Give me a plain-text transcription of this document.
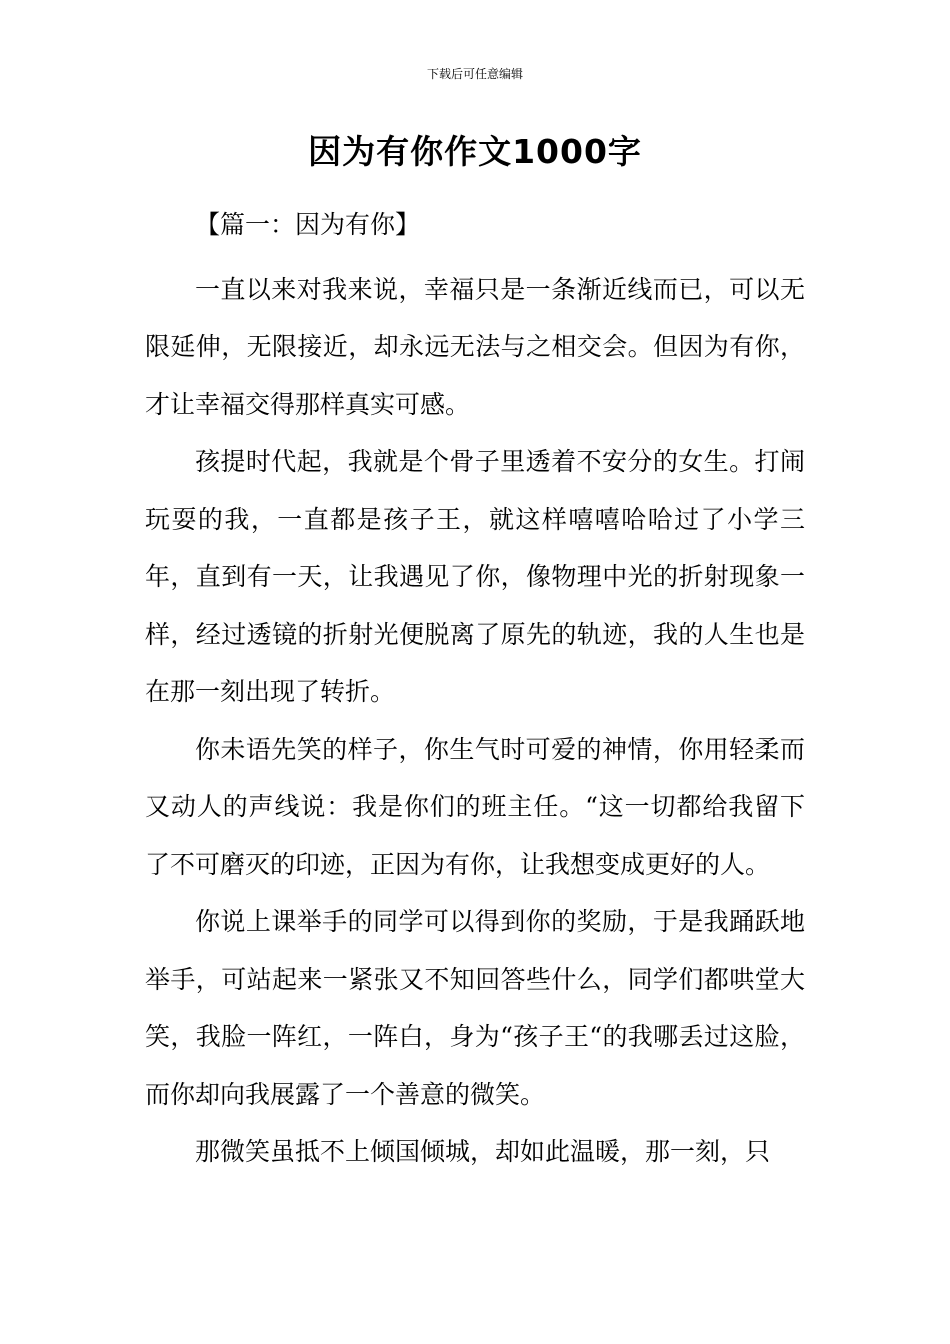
下载后可任意编辑
因为有你作文1000字

【篇一：因为有你】

一直以来对我来说，幸福只是一条渐近线而已，可以无限延伸，无限接近，却永远无法与之相交会。但因为有你，才让幸福交得那样真实可感。

孩提时代起，我就是个骨子里透着不安分的女生。打闹玩耍的我，一直都是孩子王，就这样嘻嘻哈哈过了小学三年，直到有一天，让我遇见了你，像物理中光的折射现象一样，经过透镜的折射光便脱离了原先的轨迹，我的人生也是在那一刻出现了转折。

你未语先笑的样子，你生气时可爱的神情，你用轻柔而又动人的声线说：我是你们的班主任。“这一切都给我留下了不可磨灭的印迹，正因为有你，让我想变成更好的人。

你说上课举手的同学可以得到你的奖励，于是我踊跃地举手，可站起来一紧张又不知回答些什么，同学们都哄堂大笑，我脸一阵红，一阵白，身为“孩子王“的我哪丢过这脸，而你却向我展露了一个善意的微笑。

那微笑虽抵不上倾国倾城，却如此温暖，那一刻，只
